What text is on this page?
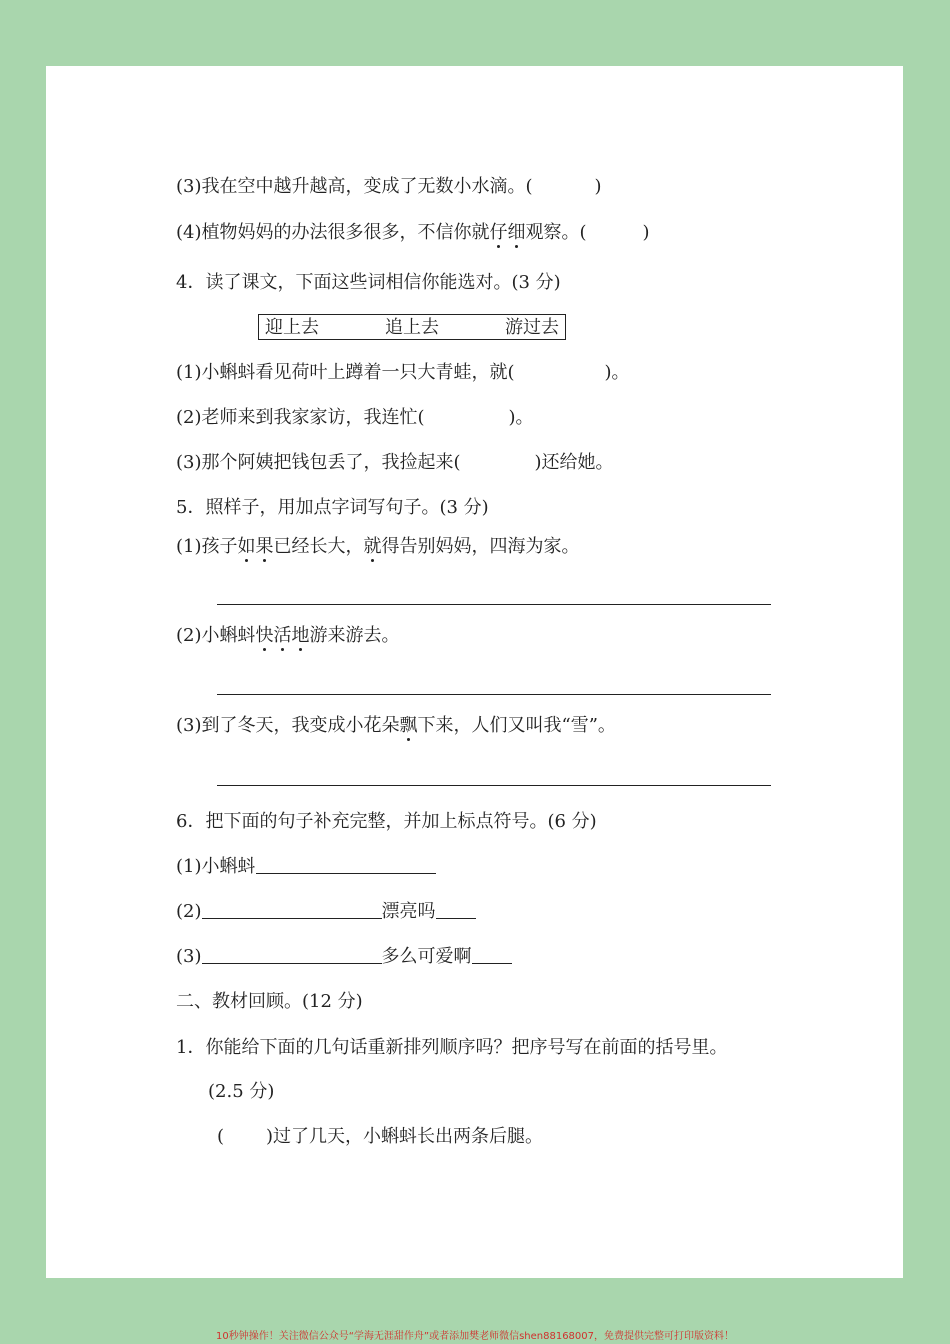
(3)我在空中越升越高，变成了无数小水滴。(	)
(4)植物妈妈的办法很多很多，不信你就仔细观察。(	)
4．读了课文，下面这些词相信你能选对。(3 分)
迎上去	追上去	游过去
(1)小蝌蚪看见荷叶上蹲着一只大青蛙，就(	)。
(2)老师来到我家家访，我连忙(	)。
(3)那个阿姨把钱包丢了，我捡起来(	)还给她。
5．照样子，用加点字词写句子。(3 分)
(1)孩子如果已经长大，就得告别妈妈，四海为家。
(2)小蝌蚪快活地游来游去。
(3)到了冬天，我变成小花朵飘下来，人们又叫我“雪”。
6．把下面的句子补充完整，并加上标点符号。(6 分)
(1)小蝌蚪
(2)	漂亮吗
(3)	多么可爱啊
二、教材回顾。(12 分)
1．你能给下面的几句话重新排列顺序吗？把序号写在前面的括号里。
(2.5 分)
( )过了几天，小蝌蚪长出两条后腿。
10秒钟操作！关注微信公众号“学海无涯甜作舟”或者添加樊老师微信shen88168007，免费提供完整可打印版资料！
